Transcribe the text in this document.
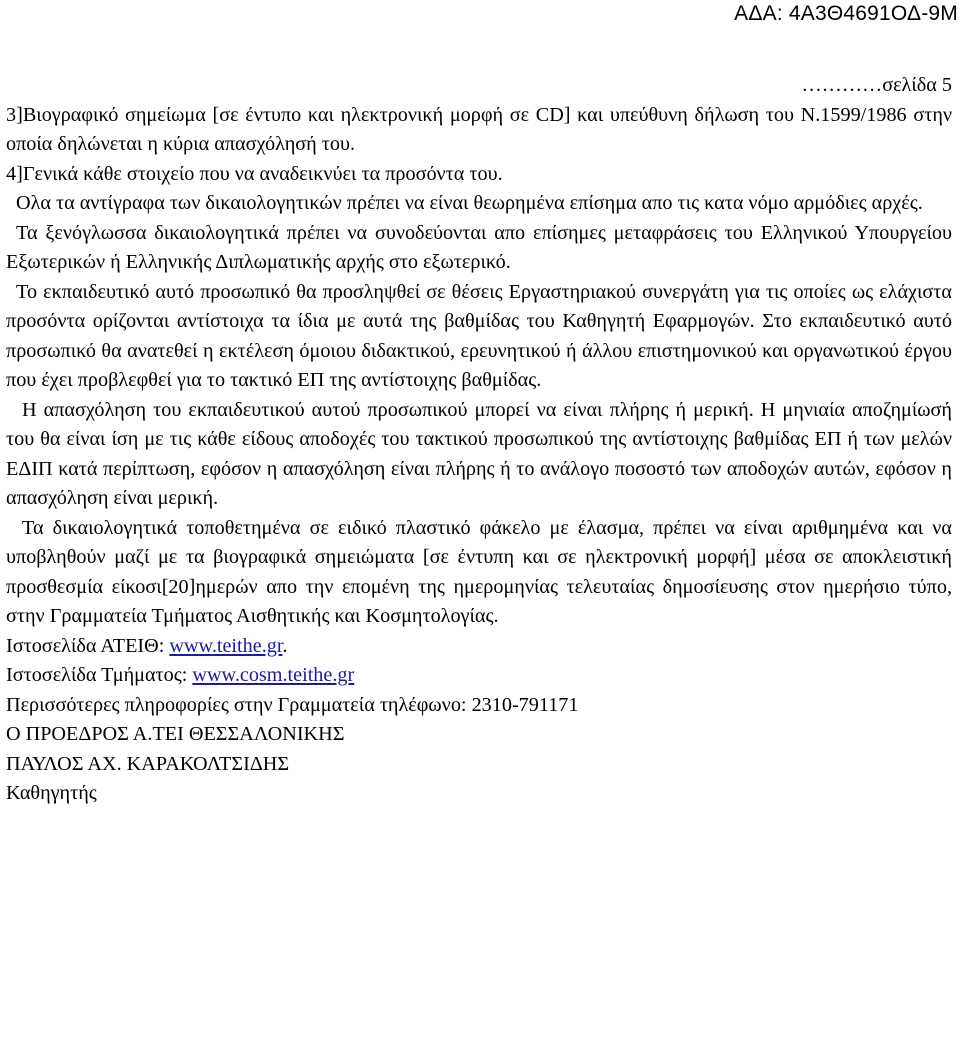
ΑΔΑ: 4Α3Θ4691ΟΔ-9Μ

…………σελίδα 5

3]Βιογραφικό σημείωμα [σε έντυπο και ηλεκτρονική μορφή σε CD] και υπεύθυνη δήλωση του Ν.1599/1986 στην οποία δηλώνεται η κύρια απασχόλησή του.

4]Γενικά κάθε στοιχείο που να αναδεικνύει τα προσόντα του.

Ολα τα αντίγραφα των δικαιολογητικών πρέπει να είναι θεωρημένα επίσημα απο τις κατα νόμο αρμόδιες αρχές.

Τα ξενόγλωσσα δικαιολογητικά πρέπει να συνοδεύονται απο επίσημες μεταφράσεις του Ελληνικού Υπουργείου Εξωτερικών ή Ελληνικής Διπλωματικής αρχής στο εξωτερικό.

Το εκπαιδευτικό αυτό προσωπικό θα προσληψθεί σε θέσεις Εργαστηριακού συνεργάτη για τις οποίες ως ελάχιστα προσόντα ορίζονται αντίστοιχα τα ίδια με αυτά της βαθμίδας του Καθηγητή Εφαρμογών. Στο εκπαιδευτικό αυτό προσωπικό θα ανατεθεί η εκτέλεση όμοιου διδακτικού, ερευνητικού ή άλλου επιστημονικού και οργανωτικού έργου που έχει προβλεφθεί για το τακτικό ΕΠ της αντίστοιχης βαθμίδας.

Η απασχόληση του εκπαιδευτικού αυτού προσωπικού μπορεί να είναι πλήρης ή μερική. Η μηνιαία αποζημίωσή του θα είναι ίση με τις κάθε είδους αποδοχές του τακτικού προσωπικού της αντίστοιχης βαθμίδας ΕΠ ή των μελών ΕΔΙΠ κατά περίπτωση, εφόσον η απασχόληση είναι πλήρης ή το ανάλογο ποσοστό των αποδοχών αυτών, εφόσον η απασχόληση είναι μερική.

Τα δικαιολογητικά τοποθετημένα σε ειδικό πλαστικό φάκελο με έλασμα, πρέπει να είναι αριθμημένα και να υποβληθούν μαζί με τα βιογραφικά σημειώματα [σε έντυπη και σε ηλεκτρονική μορφή] μέσα σε αποκλειστική προσθεσμία είκοσι[20]ημερών απο την επομένη της ημερομηνίας τελευταίας δημοσίευσης στον ημερήσιο τύπο, στην Γραμματεία Τμήματος Αισθητικής και Κοσμητολογίας.

Ιστοσελίδα ΑΤΕΙΘ: www.teithe.gr.

Ιστοσελίδα Τμήματος: www.cosm.teithe.gr

Περισσότερες πληροφορίες στην Γραμματεία τηλέφωνο: 2310-791171

Ο ΠΡΟΕΔΡΟΣ Α.ΤΕΙ ΘΕΣΣΑΛΟΝΙΚΗΣ

ΠΑΥΛΟΣ ΑΧ. ΚΑΡΑΚΟΛΤΣΙΔΗΣ

Καθηγητής
